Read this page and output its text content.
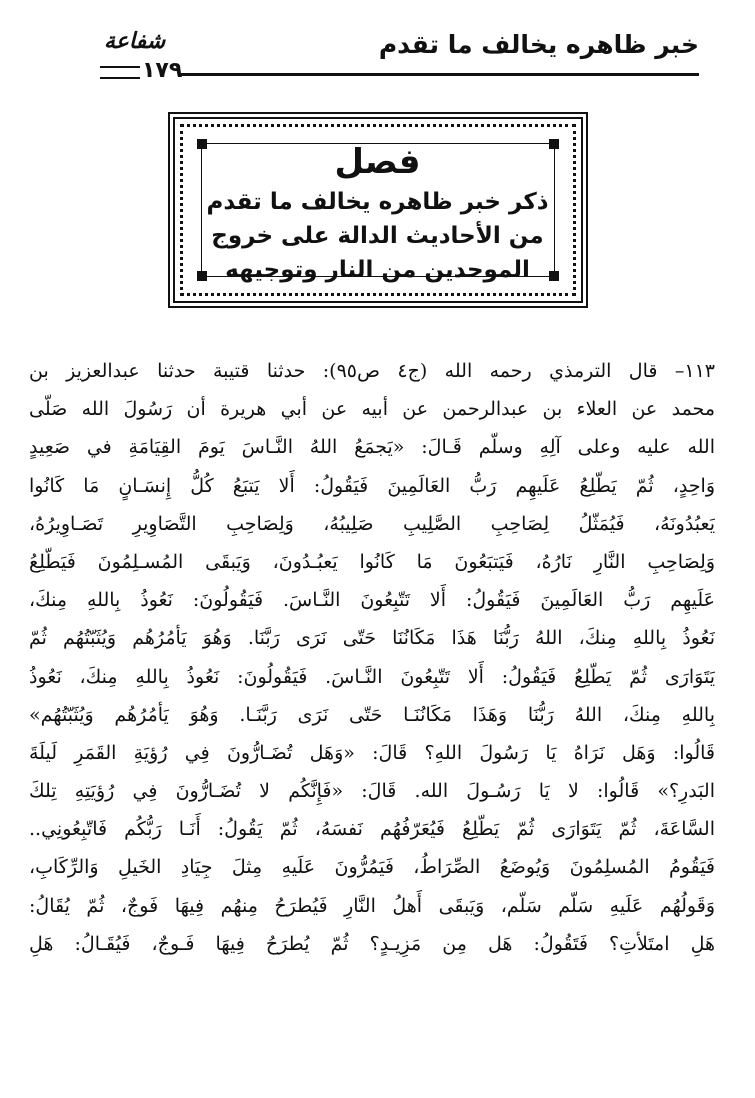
خبر ظاهره يخالف ما تقدم
شفاعة
١٧٩
فصل
ذكر خبر ظاهره يخالف ما تقدم
من الأحاديث الدالة على خروج
الموحدين من النار وتوجيهه
١١٣– قال الترمذي رحمه الله (ج٤ ص٩٥): حدثنا قتيبة حدثنا عبدالعزيز بن
محمد عن العلاء بن عبدالرحمن عن أبيه عن أبي هريرة أن رَسُولَ الله صَلّى
الله عليه وعلى آلِهِ وسلّم قَـالَ: «يَجمَعُ اللهُ النَّـاسَ يَومَ القِيَامَةِ في صَعِيدٍ
وَاحِدٍ، ثُمّ يَطّلِعُ عَلَيهِم رَبُّ العَالَمِينَ فَيَقُولُ: أَلا يَتبَعُ كُلُّ إِنسَـانٍ مَا كَانُوا
يَعبُدُونَهُ، فَيُمَثّلُ لِصَاحِبِ الصَّلِيبِ صَلِيبُهُ، وَلِصَاحِبِ التَّصَاوِيرِ تَصَـاوِيرُهُ،
وَلِصَاحِبِ النَّارِ نَارُهُ، فَيَتبَعُونَ مَا كَانُوا يَعبُـدُونَ، وَيَبقَى المُسـلِمُونَ فَيَطّلِعُ
عَلَيهِم رَبُّ العَالَمِينَ فَيَقُولُ: أَلا تَتّبِعُونَ النَّـاسَ. فَيَقُولُونَ: نَعُوذُ بِاللهِ مِنكَ،
نَعُوذُ بِاللهِ مِنكَ، اللهُ رَبُّنَا هَذَا مَكَانُنَا حَتّى نَرَى رَبَّنَا. وَهُوَ يَأمُرُهُم وَيُثَبّتُهُم ثُمّ
يَتَوَارَى ثُمّ يَطّلِعُ فَيَقُولُ: أَلا تَتّبِعُونَ النَّـاسَ. فَيَقُولُونَ: نَعُوذُ بِاللهِ مِنكَ، نَعُوذُ
بِاللهِ مِنكَ، اللهُ رَبُّنَا وَهَذَا مَكَانُنَـا حَتّى نَرَى رَبَّنَـا. وَهُوَ يَأمُرُهُم وَيُثَبّتُهُم»
قَالُوا: وَهَل نَرَاهُ يَا رَسُولَ اللهِ؟ قَالَ: «وَهَل تُضَـارُّونَ فِي رُؤيَةِ القَمَرِ لَيلَةَ
البَدرِ؟» قَالُوا: لا يَا رَسُـولَ الله. قَالَ: «فَإِنَّكُم لا تُضَـارُّونَ فِي رُؤيَتِهِ تِلكَ
السَّاعَةَ، ثُمّ يَتَوَارَى ثُمّ يَطّلِعُ فَيُعَرّفُهُم نَفسَهُ، ثُمّ يَقُولُ: أَنَـا رَبُّكُم فَاتّبِعُونِي..
فَيَقُومُ المُسلِمُونَ وَيُوضَعُ الصِّرَاطُ، فَيَمُرُّونَ عَلَيهِ مِثلَ جِيَادِ الخَيلِ وَالرِّكَابِ،
وَقَولُهُم عَلَيهِ سَلّم سَلّم، وَيَبقَى أَهلُ النَّارِ فَيُطرَحُ مِنهُم فِيهَا فَوجٌ، ثُمّ يُقَالُ:
هَلِ امتَلأتِ؟ فَتَقُولُ: هَل مِن مَزِيـدٍ؟ ثُمّ يُطرَحُ فِيهَا فَـوجٌ، فَيُقَـالُ: هَلِ
